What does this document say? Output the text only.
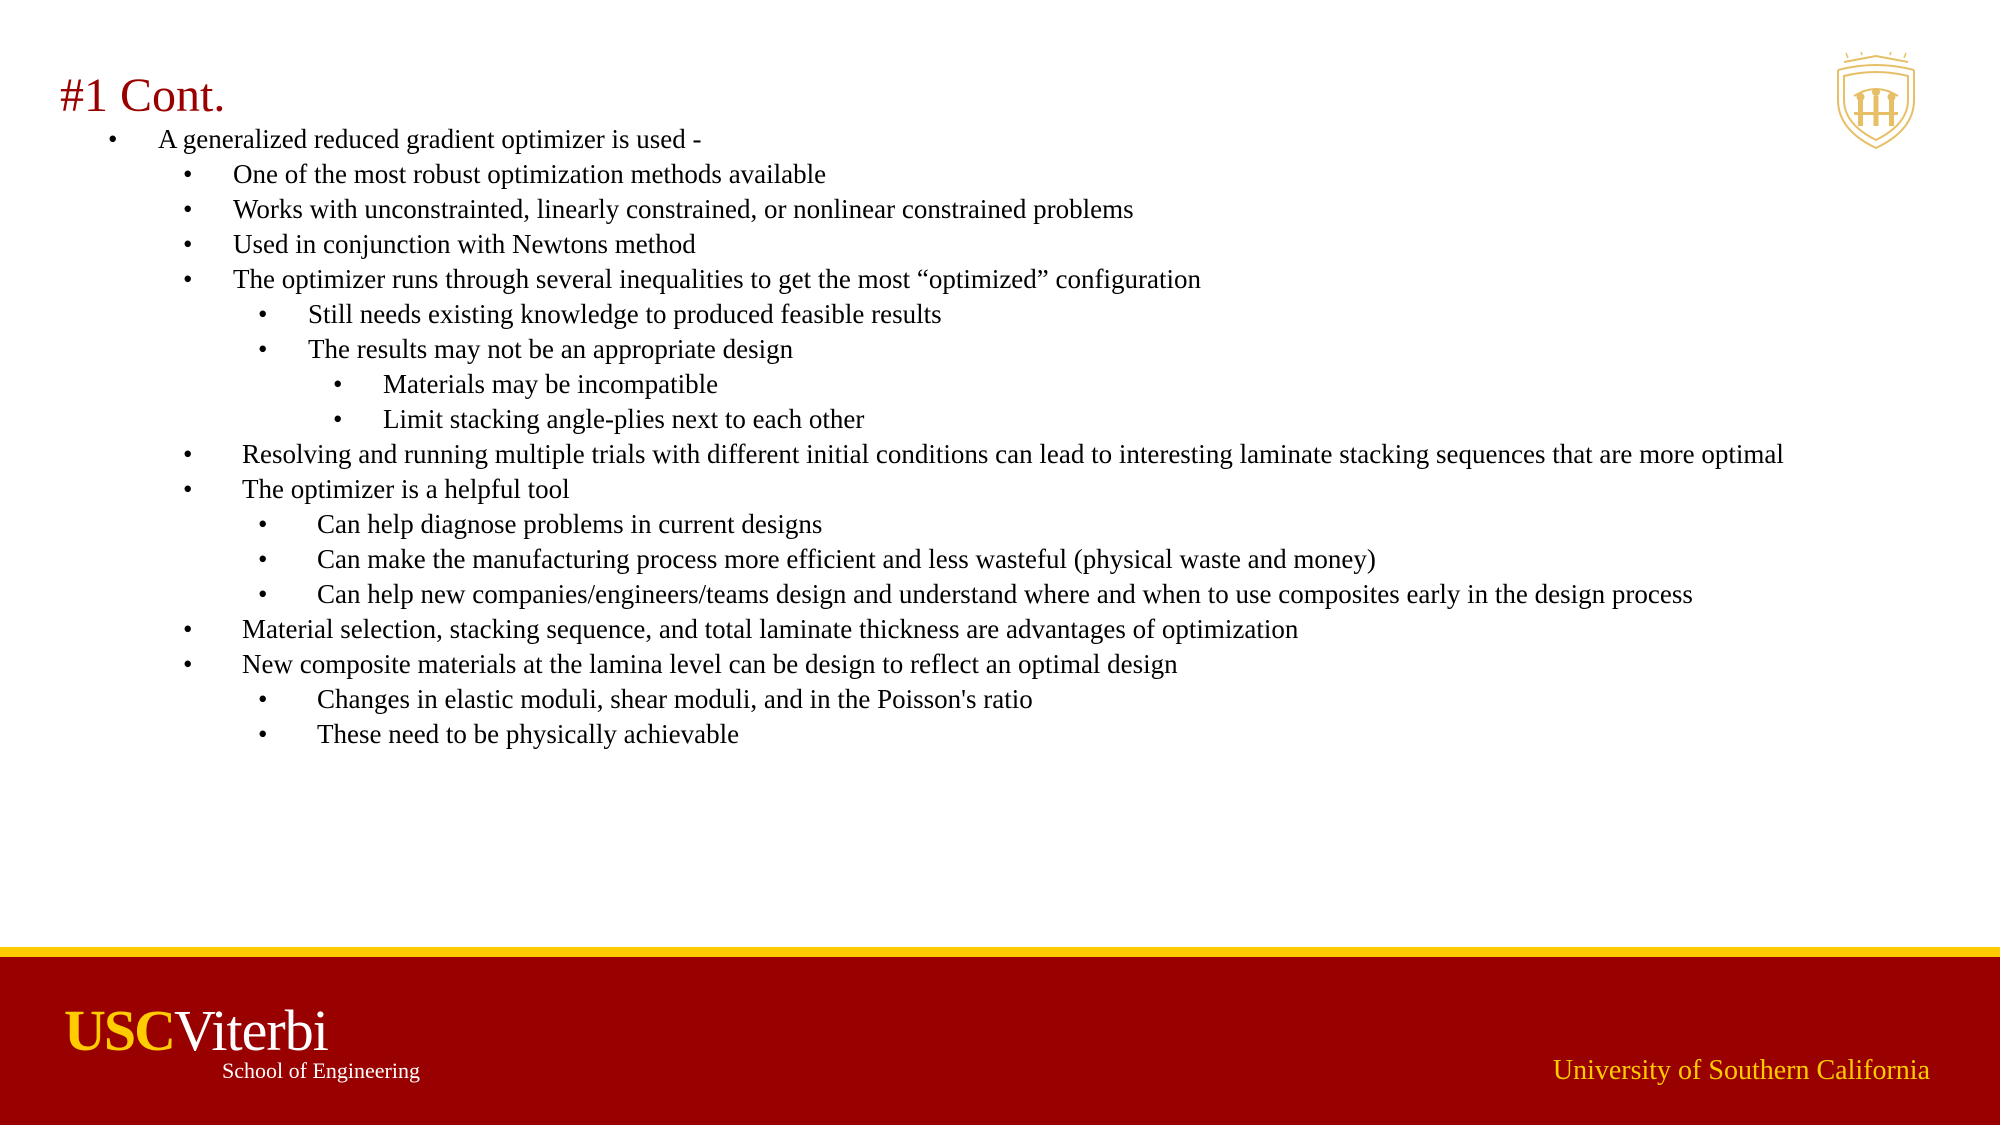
#1 Cont.
•	A generalized reduced gradient optimizer is used -
•	One of the most robust optimization methods available
•	Works with unconstrainted, linearly constrained, or nonlinear constrained problems
•	Used in conjunction with Newtons method
•	The optimizer runs through several inequalities to get the most “optimized” configuration
•	Still needs existing knowledge to produced feasible results
•	The results may not be an appropriate design
•	Materials may be incompatible
•	Limit stacking angle-plies next to each other
•	Resolving and running multiple trials with different initial conditions can lead to interesting laminate stacking sequences that are more optimal
•	The optimizer is a helpful tool
•	Can help diagnose problems in current designs
•	Can make the manufacturing process more efficient and less wasteful (physical waste and money)
•	Can help new companies/engineers/teams design and understand where and when to use composites early in the design process
•	Material selection, stacking sequence, and total laminate thickness are advantages of optimization
•	New composite materials at the lamina level can be design to reflect an optimal design
•	Changes in elastic moduli, shear moduli, and in the Poisson's ratio
•	These need to be physically achievable
USCViterbi
School of Engineering	University of Southern California
